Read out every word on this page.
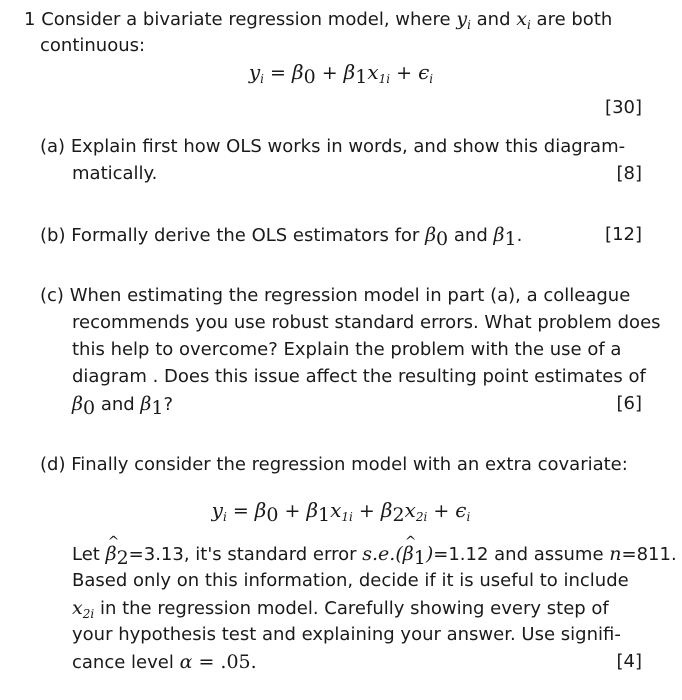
1 Consider a bivariate regression model, where $y_i$ and $x_i$ are both
continuous:
$y_i = \beta_0 + \beta_1x_{1i} + \epsilon_i$
[30]
(a) Explain first how OLS works in words, and show this diagram-
matically.	[8]
(b) Formally derive the OLS estimators for $\beta_0$ and $\beta_1$.	[12]
(c) When estimating the regression model in part (a), a colleague
recommends you use robust standard errors. What problem does
this help to overcome? Explain the problem with the use of a
diagram . Does this issue affect the resulting point estimates of
$\beta_0$ and $\beta_1$?	[6]
(d) Finally consider the regression model with an extra covariate:
$y_i = \beta_0 + \beta_1x_{1i} + \beta_2x_{2i} + \epsilon_i$
Let ^ $\beta_2=3.13$, it's standard error s.e.(^ $\beta_1)=1.12$ and assume n=811.
Based only on this information, decide if it is useful to include
$x_{2i}$ in the regression model. Carefully showing every step of
your hypothesis test and explaining your answer. Use signifi-
cance level α = .05.	[4]
